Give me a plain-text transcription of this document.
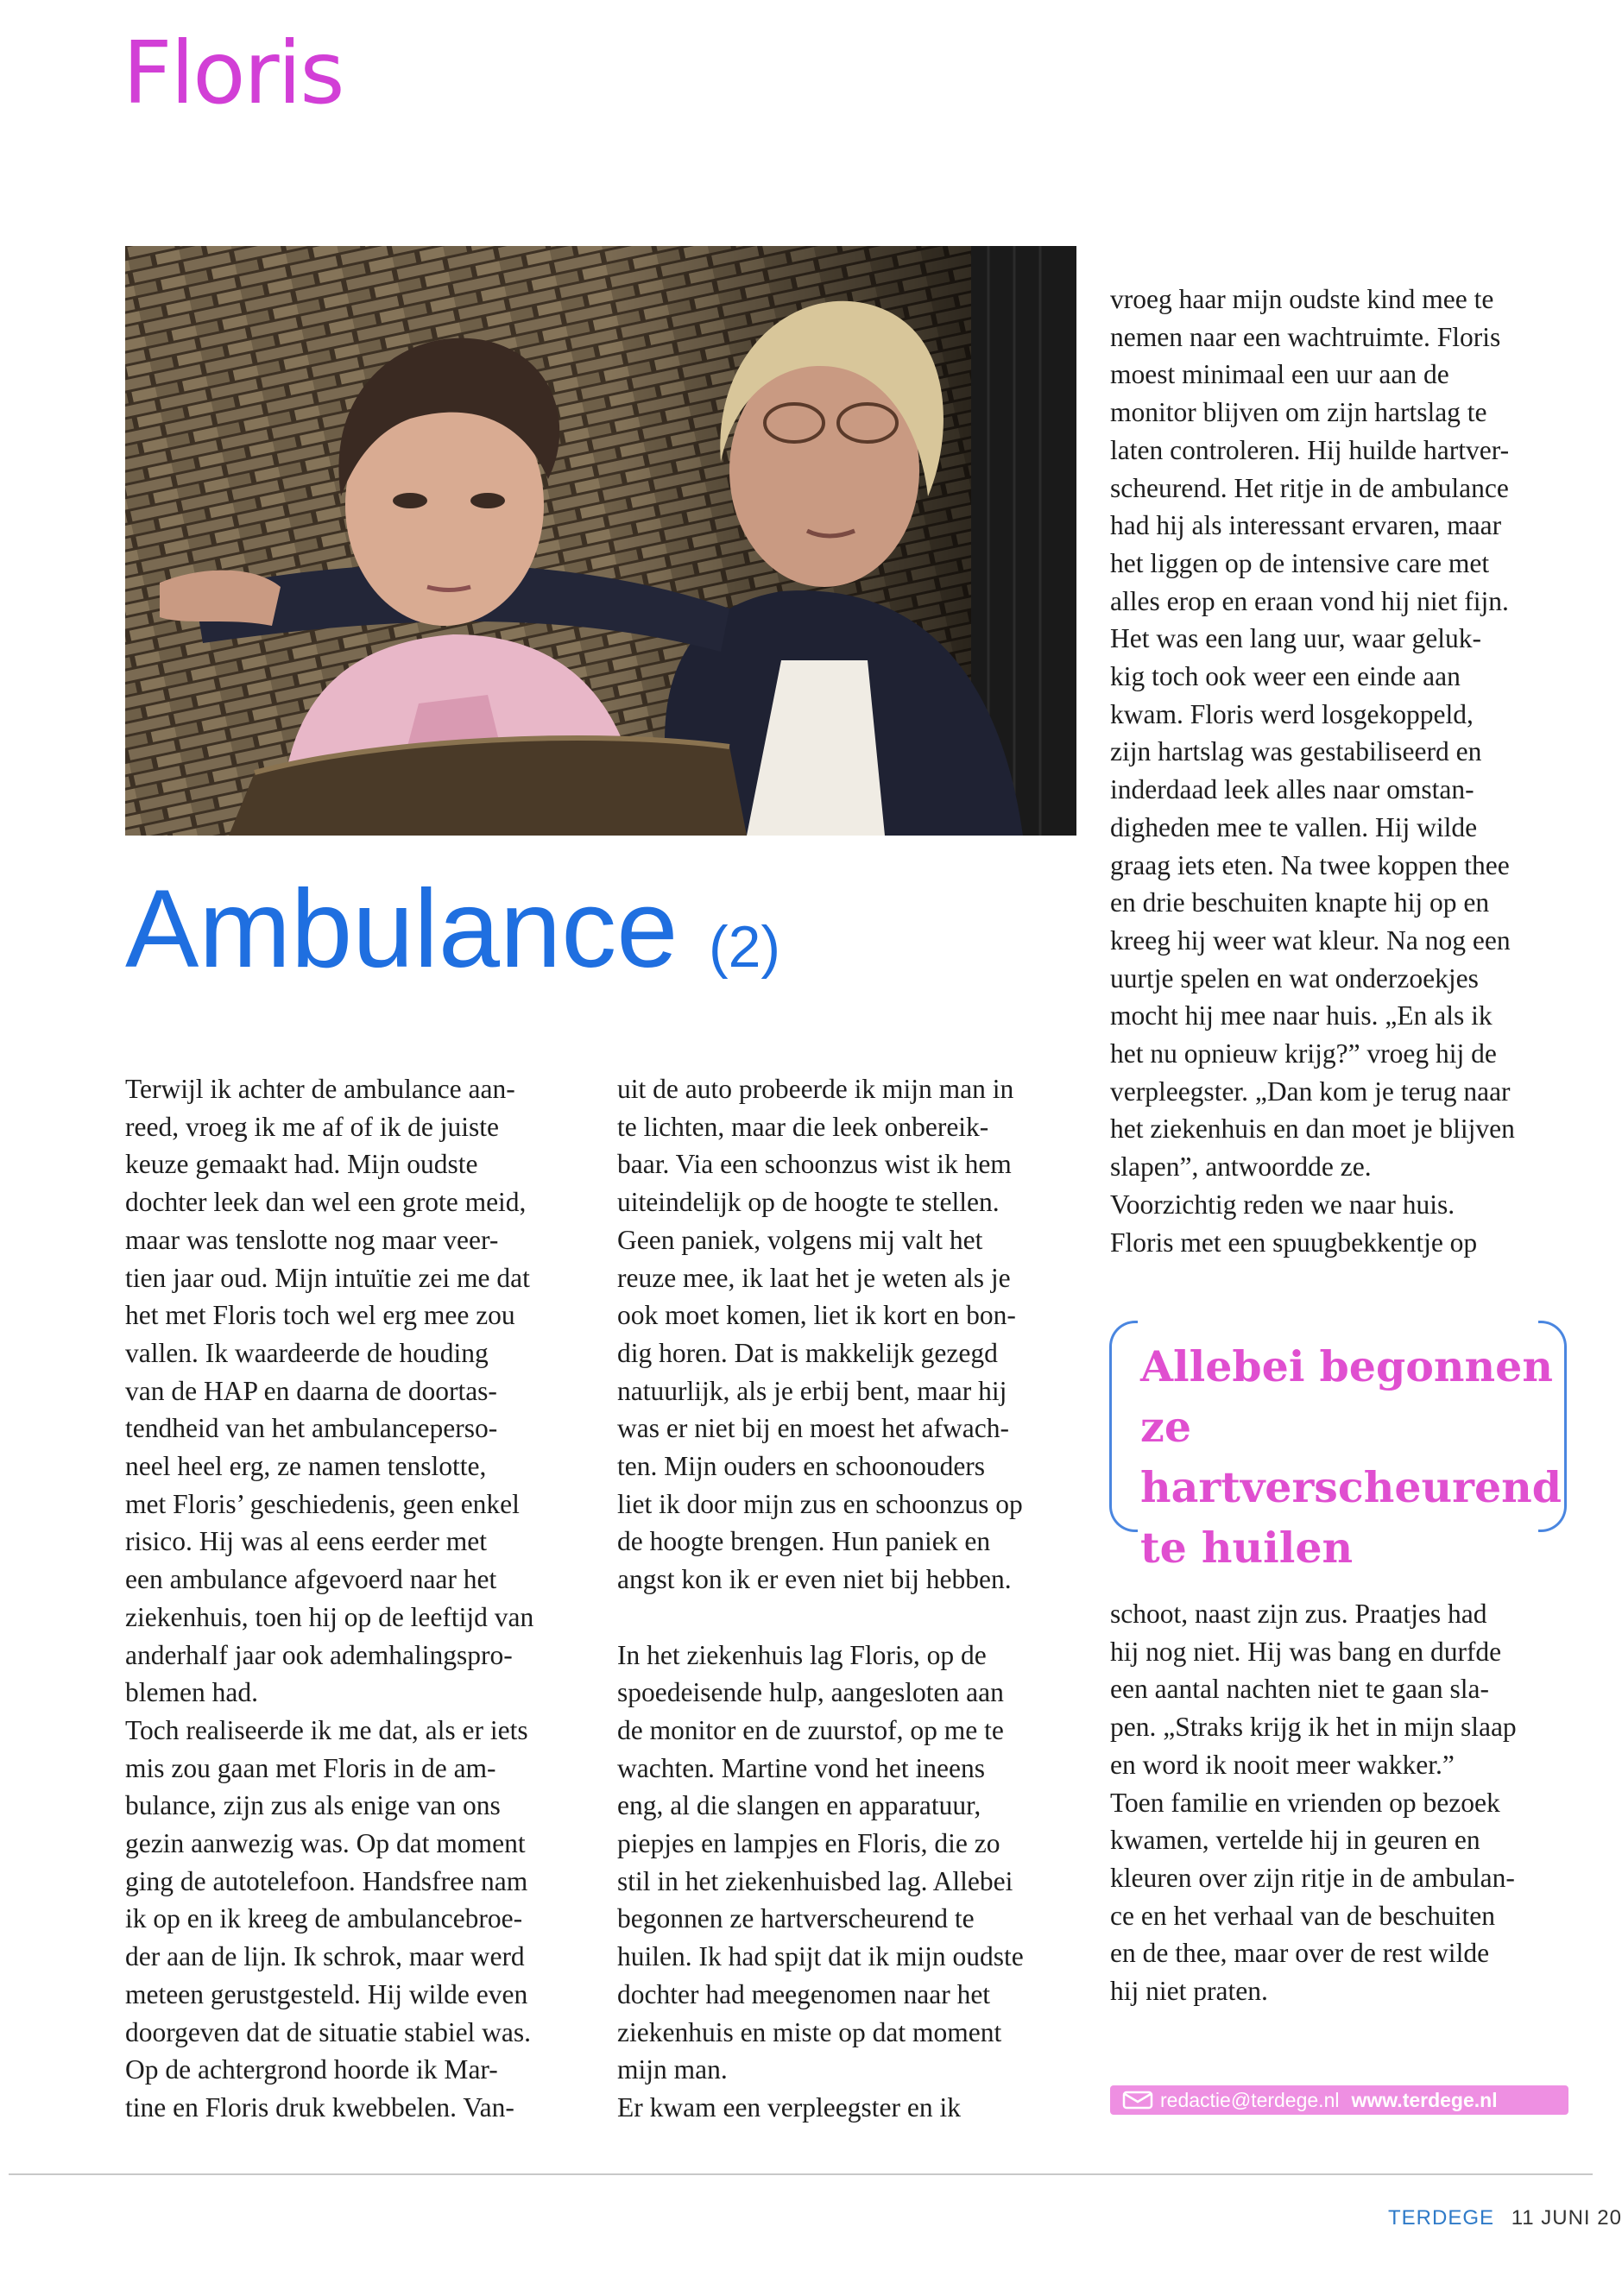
Floris
Ambulance (2)

Terwijl ik achter de ambulance aan-
reed, vroeg ik me af of ik de juiste
keuze gemaakt had. Mijn oudste
dochter leek dan wel een grote meid,
maar was tenslotte nog maar veer-
tien jaar oud. Mijn intuïtie zei me dat
het met Floris toch wel erg mee zou
vallen. Ik waardeerde de houding
van de HAP en daarna de doortas-
tendheid van het ambulanceperso-
neel heel erg, ze namen tenslotte,
met Floris’ geschiedenis, geen enkel
risico. Hij was al eens eerder met
een ambulance afgevoerd naar het
ziekenhuis, toen hij op de leeftijd van
anderhalf jaar ook ademhalingspro-
blemen had.
Toch realiseerde ik me dat, als er iets
mis zou gaan met Floris in de am-
bulance, zijn zus als enige van ons
gezin aanwezig was. Op dat moment
ging de autotelefoon. Handsfree nam
ik op en ik kreeg de ambulancebroe-
der aan de lijn. Ik schrok, maar werd
meteen gerustgesteld. Hij wilde even
doorgeven dat de situatie stabiel was.
Op de achtergrond hoorde ik Mar-
tine en Floris druk kwebbelen. Van-

uit de auto probeerde ik mijn man in
te lichten, maar die leek onbereik-
baar. Via een schoonzus wist ik hem
uiteindelijk op de hoogte te stellen.
Geen paniek, volgens mij valt het
reuze mee, ik laat het je weten als je
ook moet komen, liet ik kort en bon-
dig horen. Dat is makkelijk gezegd
natuurlijk, als je erbij bent, maar hij
was er niet bij en moest het afwach-
ten. Mijn ouders en schoonouders
liet ik door mijn zus en schoonzus op
de hoogte brengen. Hun paniek en
angst kon ik er even niet bij hebben.

In het ziekenhuis lag Floris, op de
spoedeisende hulp, aangesloten aan
de monitor en de zuurstof, op me te
wachten. Martine vond het ineens
eng, al die slangen en apparatuur,
piepjes en lampjes en Floris, die zo
stil in het ziekenhuisbed lag. Allebei
begonnen ze hartverscheurend te
huilen. Ik had spijt dat ik mijn oudste
dochter had meegenomen naar het
ziekenhuis en miste op dat moment
mijn man.
Er kwam een verpleegster en ik

vroeg haar mijn oudste kind mee te
nemen naar een wachtruimte. Floris
moest minimaal een uur aan de
monitor blijven om zijn hartslag te
laten controleren. Hij huilde hartver-
scheurend. Het ritje in de ambulance
had hij als interessant ervaren, maar
het liggen op de intensive care met
alles erop en eraan vond hij niet fijn.
Het was een lang uur, waar geluk-
kig toch ook weer een einde aan
kwam. Floris werd losgekoppeld,
zijn hartslag was gestabiliseerd en
inderdaad leek alles naar omstan-
digheden mee te vallen. Hij wilde
graag iets eten. Na twee koppen thee
en drie beschuiten knapte hij op en
kreeg hij weer wat kleur. Na nog een
uurtje spelen en wat onderzoekjes
mocht hij mee naar huis. „En als ik
het nu opnieuw krijg?” vroeg hij de
verpleegster. „Dan kom je terug naar
het ziekenhuis en dan moet je blijven
slapen”, antwoordde ze.
Voorzichtig reden we naar huis.
Floris met een spuugbekkentje op

Allebei begonnen ze
hartverscheurend
te huilen

schoot, naast zijn zus. Praatjes had
hij nog niet. Hij was bang en durfde
een aantal nachten niet te gaan sla-
pen. „Straks krijg ik het in mijn slaap
en word ik nooit meer wakker.”
Toen familie en vrienden op bezoek
kwamen, vertelde hij in geuren en
kleuren over zijn ritje in de ambulan-
ce en het verhaal van de beschuiten
en de thee, maar over de rest wilde
hij niet praten.

redactie@terdege.nl www.terdege.nl
TERDEGE 11 JUNI 20
